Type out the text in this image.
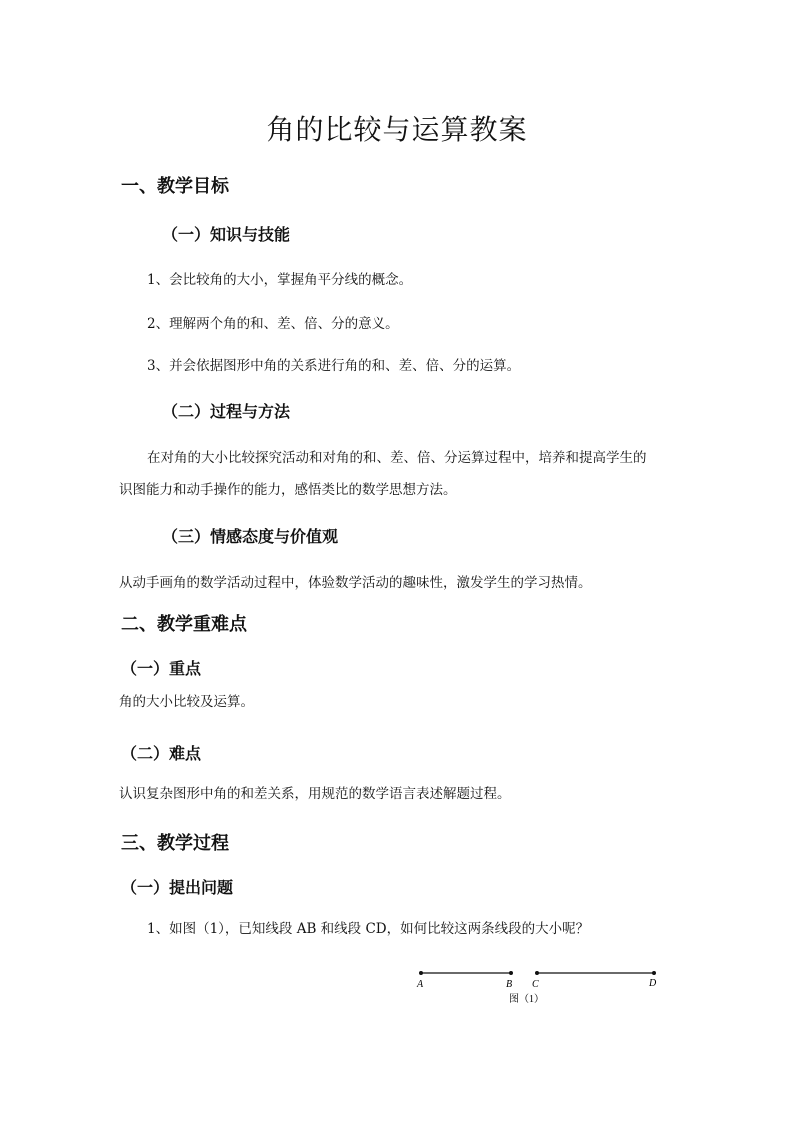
角的比较与运算教案
一、教学目标
（一）知识与技能
1、会比较角的大小，掌握角平分线的概念。
2、理解两个角的和、差、倍、分的意义。
3、并会依据图形中角的关系进行角的和、差、倍、分的运算。
（二）过程与方法
在对角的大小比较探究活动和对角的和、差、倍、分运算过程中，培养和提高学生的
识图能力和动手操作的能力，感悟类比的数学思想方法。
（三）情感态度与价值观
从动手画角的数学活动过程中，体验数学活动的趣味性，激发学生的学习热情。
二、教学重难点
（一）重点
角的大小比较及运算。
（二）难点
认识复杂图形中角的和差关系，用规范的数学语言表述解题过程。
三、教学过程
（一）提出问题
1、如图（1），已知线段 AB 和线段 CD，如何比较这两条线段的大小呢？
A	B C	D
图（1）
